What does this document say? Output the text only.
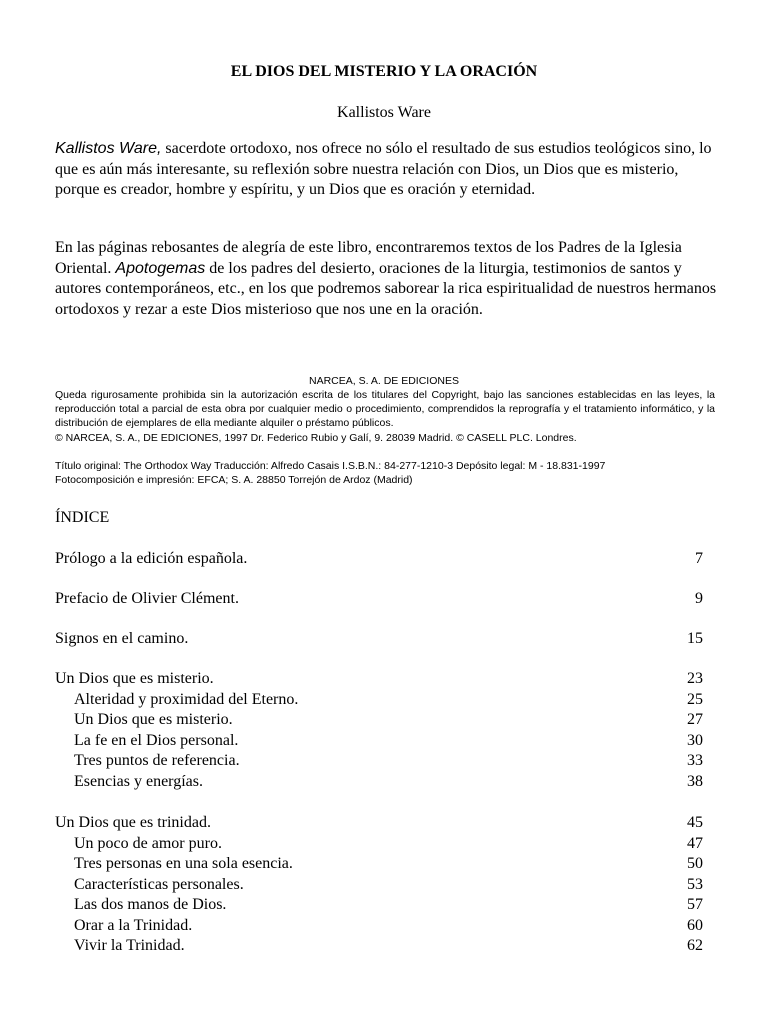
EL DIOS DEL MISTERIO Y LA ORACIÓN
Kallistos Ware

Kallistos Ware, sacerdote ortodoxo, nos ofrece no sólo el resultado de sus estudios teológicos sino, lo que es aún más interesante, su reflexión sobre nuestra relación con Dios, un Dios que es misterio, porque es creador, hombre y espíritu, y un Dios que es oración y eternidad.

En las páginas rebosantes de alegría de este libro, encontraremos textos de los Padres de la Iglesia Oriental. Apotogemas de los padres del desierto, oraciones de la liturgia, testimonios de santos y autores contemporáneos, etc., en los que podremos saborear la rica espiritualidad de nuestros hermanos ortodoxos y rezar a este Dios misterioso que nos une en la oración.

NARCEA, S. A. DE EDICIONES

Queda rigurosamente prohibida sin la autorización escrita de los titulares del Copyright, bajo las sanciones establecidas en las leyes, la reproducción total a parcial de esta obra por cualquier medio o procedimiento, comprendidos la reprografía y el tratamiento informático, y la distribución de ejemplares de ella mediante alquiler o préstamo públicos.

© NARCEA, S. A., DE EDICIONES, 1997 Dr. Federico Rubio y Galí, 9. 28039 Madrid. © CASELL PLC. Londres.
Título original: The Orthodox Way Traducción: Alfredo Casais I.S.B.N.: 84-277-1210-3 Depósito legal: M - 18.831-1997
Fotocomposición e impresión: EFCA; S. A. 28850 Torrejón de Ardoz (Madrid)
ÍNDICE
Prólogo a la edición española.	7
Prefacio de Olivier Clément.	9
Signos en el camino.	15
Un Dios que es misterio.	23
Alteridad y proximidad del Eterno.	25
Un Dios que es misterio.	27
La fe en el Dios personal.	30
Tres puntos de referencia.	33
Esencias y energías.	38
Un Dios que es trinidad.	45
Un poco de amor puro.	47
Tres personas en una sola esencia.	50
Características personales.	53
Las dos manos de Dios.	57
Orar a la Trinidad.	60
Vivir la Trinidad.	62
